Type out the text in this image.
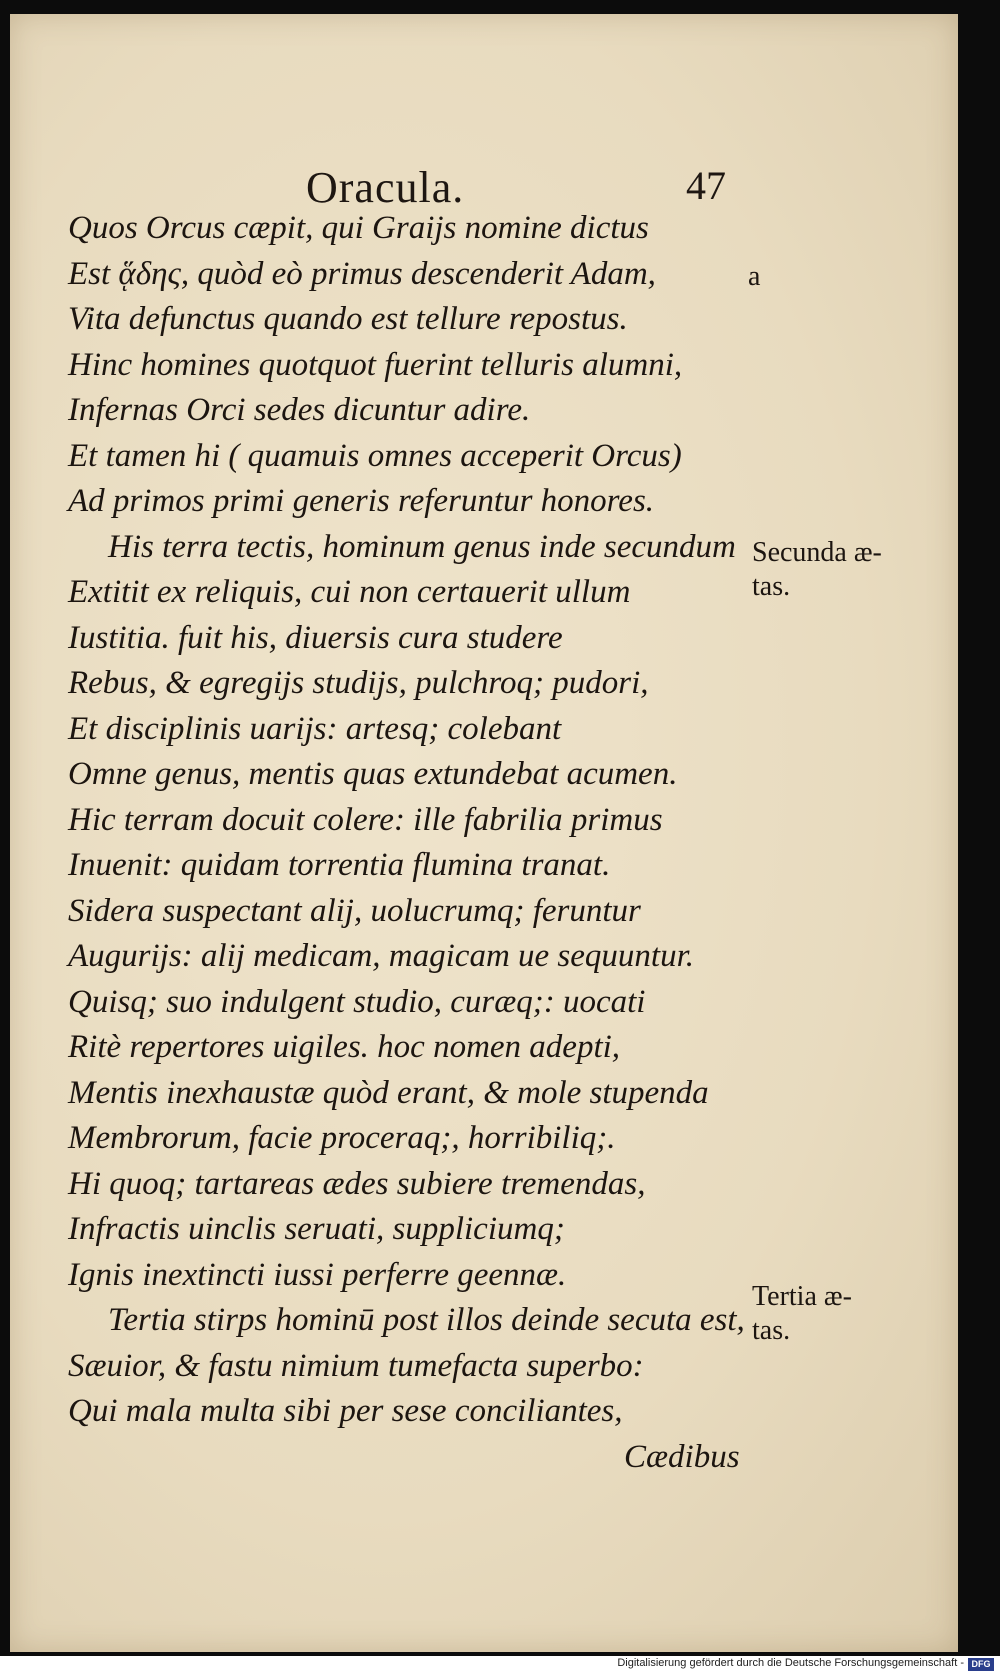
Oracula.	47
Quos Orcus cæpit, qui Graijs nomine dictus
Est ᾅδης, quòd eò primus descenderit Adam,
Vita defunctus quando est tellure repostus.
Hinc homines quotquot fuerint telluris alumni,
Infernas Orci sedes dicuntur adire.
Et tamen hi ( quamuis omnes acceperit Orcus)
Ad primos primi generis referuntur honores.
His terra tectis, hominum genus inde secundum
Extitit ex reliquis, cui non certauerit ullum
Iustitia. fuit his, diuersis cura studere
Rebus, & egregijs studijs, pulchroq; pudori,
Et disciplinis uarijs: artesq; colebant
Omne genus, mentis quas extundebat acumen.
Hic terram docuit colere: ille fabrilia primus
Inuenit: quidam torrentia flumina tranat.
Sidera suspectant alij, uolucrumq; feruntur
Augurijs: alij medicam, magicam ue sequuntur.
Quisq; suo indulgent studio, curæq;: uocati
Ritè repertores uigiles. hoc nomen adepti,
Mentis inexhaustæ quòd erant, & mole stupenda
Membrorum, facie proceraq;, horribiliq;.
Hi quoq; tartareas ædes subiere tremendas,
Infractis uinclis seruati, suppliciumq;
Ignis inextincti iussi perferre geennæ.
Tertia stirps hominū post illos deinde secuta est,
Sæuior, & fastu nimium tumefacta superbo:
Qui mala multa sibi per sese conciliantes,
Cædibus
a
Secunda æ-
tas.
Tertia æ-
tas.
Digitalisierung gefördert durch die Deutsche Forschungsgemeinschaft - DFG
